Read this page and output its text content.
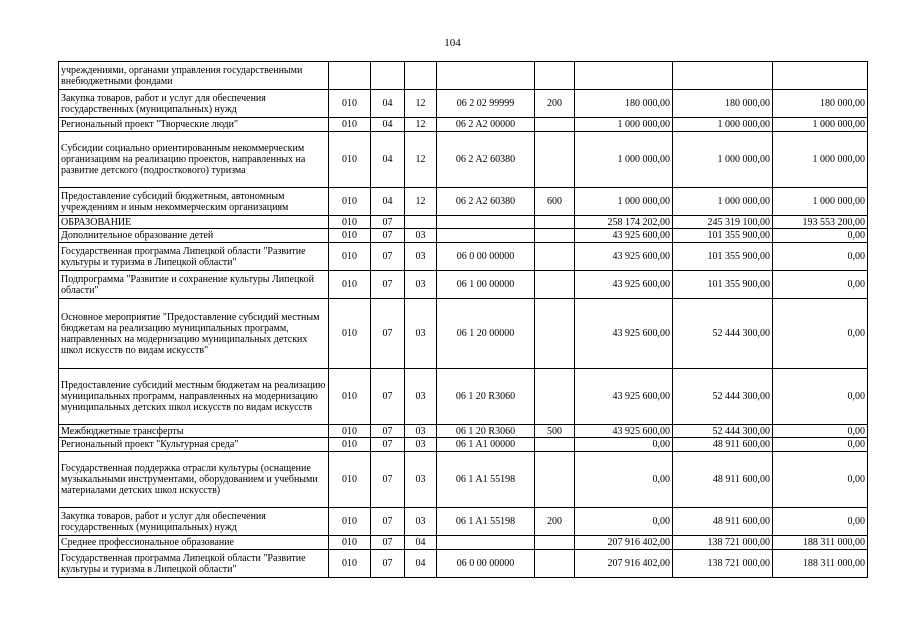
104
учреждениями, органами управления государственными внебюджетными фондами								
Закупка товаров, работ и услуг для обеспечения государственных (муниципальных) нужд	010	04	12	06 2 02 99999	200	180 000,00	180 000,00	180 000,00
Региональный проект "Творческие люди"	010	04	12	06 2 A2 00000		1 000 000,00	1 000 000,00	1 000 000,00
Субсидии социально ориентированным некоммерческим организациям на реализацию проектов, направленных на развитие детского (подросткового) туризма	010	04	12	06 2 A2 60380		1 000 000,00	1 000 000,00	1 000 000,00
Предоставление субсидий бюджетным, автономным учреждениям и иным некоммерческим организациям	010	04	12	06 2 A2 60380	600	1 000 000,00	1 000 000,00	1 000 000,00
ОБРАЗОВАНИЕ	010	07				258 174 202,00	245 319 100,00	193 553 200,00
Дополнительное образование детей	010	07	03			43 925 600,00	101 355 900,00	0,00
Государственная программа Липецкой области "Развитие культуры и туризма в Липецкой области"	010	07	03	06 0 00 00000		43 925 600,00	101 355 900,00	0,00
Подпрограмма "Развитие и сохранение культуры Липецкой области"	010	07	03	06 1 00 00000		43 925 600,00	101 355 900,00	0,00
Основное мероприятие "Предоставление субсидий местным бюджетам на реализацию муниципальных программ, направленных на модернизацию муниципальных детских школ искусств по видам искусств"	010	07	03	06 1 20 00000		43 925 600,00	52 444 300,00	0,00
Предоставление субсидий местным бюджетам на реализацию муниципальных программ, направленных на модернизацию муниципальных детских школ искусств по видам искусств	010	07	03	06 1 20 R3060		43 925 600,00	52 444 300,00	0,00
Межбюджетные трансферты	010	07	03	06 1 20 R3060	500	43 925 600,00	52 444 300,00	0,00
Региональный проект "Культурная среда"	010	07	03	06 1 A1 00000		0,00	48 911 600,00	0,00
Государственная поддержка отрасли культуры (оснащение музыкальными инструментами, оборудованием и учебными материалами детских школ искусств)	010	07	03	06 1 A1 55198		0,00	48 911 600,00	0,00
Закупка товаров, работ и услуг для обеспечения государственных (муниципальных) нужд	010	07	03	06 1 A1 55198	200	0,00	48 911 600,00	0,00
Среднее профессиональное образование	010	07	04			207 916 402,00	138 721 000,00	188 311 000,00
Государственная программа Липецкой области "Развитие культуры и туризма в Липецкой области"	010	07	04	06 0 00 00000		207 916 402,00	138 721 000,00	188 311 000,00
